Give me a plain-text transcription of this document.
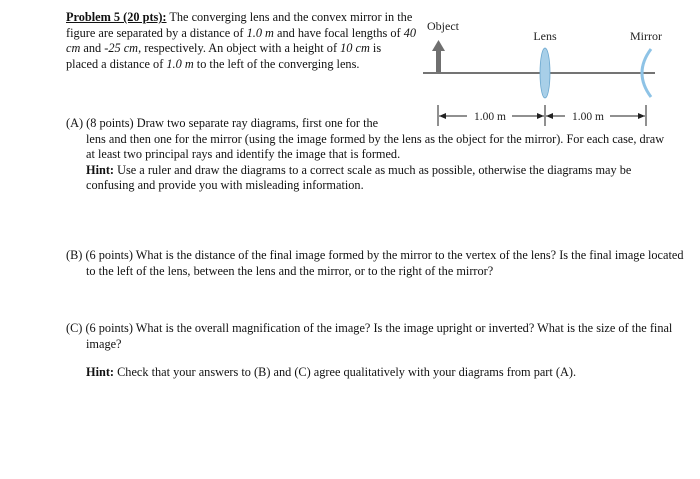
Problem 5 (20 pts): The converging lens and the convex mirror in the figure are separated by a distance of 1.0 m and have focal lengths of 40 cm and -25 cm, respectively. An object with a height of 10 cm is placed a distance of 1.0 m to the left of the converging lens.
Object
Lens	Mirror
1.00 m	1.00 m
(A) (8 points) Draw two separate ray diagrams, first one for the
lens and then one for the mirror (using the image formed by the lens as the object for the mirror). For each case, draw at least two principal rays and identify the image that is formed.
Hint: Use a ruler and draw the diagrams to a correct scale as much as possible, otherwise the diagrams may be confusing and provide you with misleading information.
(B) (6 points) What is the distance of the final image formed by the mirror to the vertex of the lens? Is the final image located to the left of the lens, between the lens and the mirror, or to the right of the mirror?
(C) (6 points) What is the overall magnification of the image? Is the image upright or inverted? What is the size of the final image?
Hint: Check that your answers to (B) and (C) agree qualitatively with your diagrams from part (A).
